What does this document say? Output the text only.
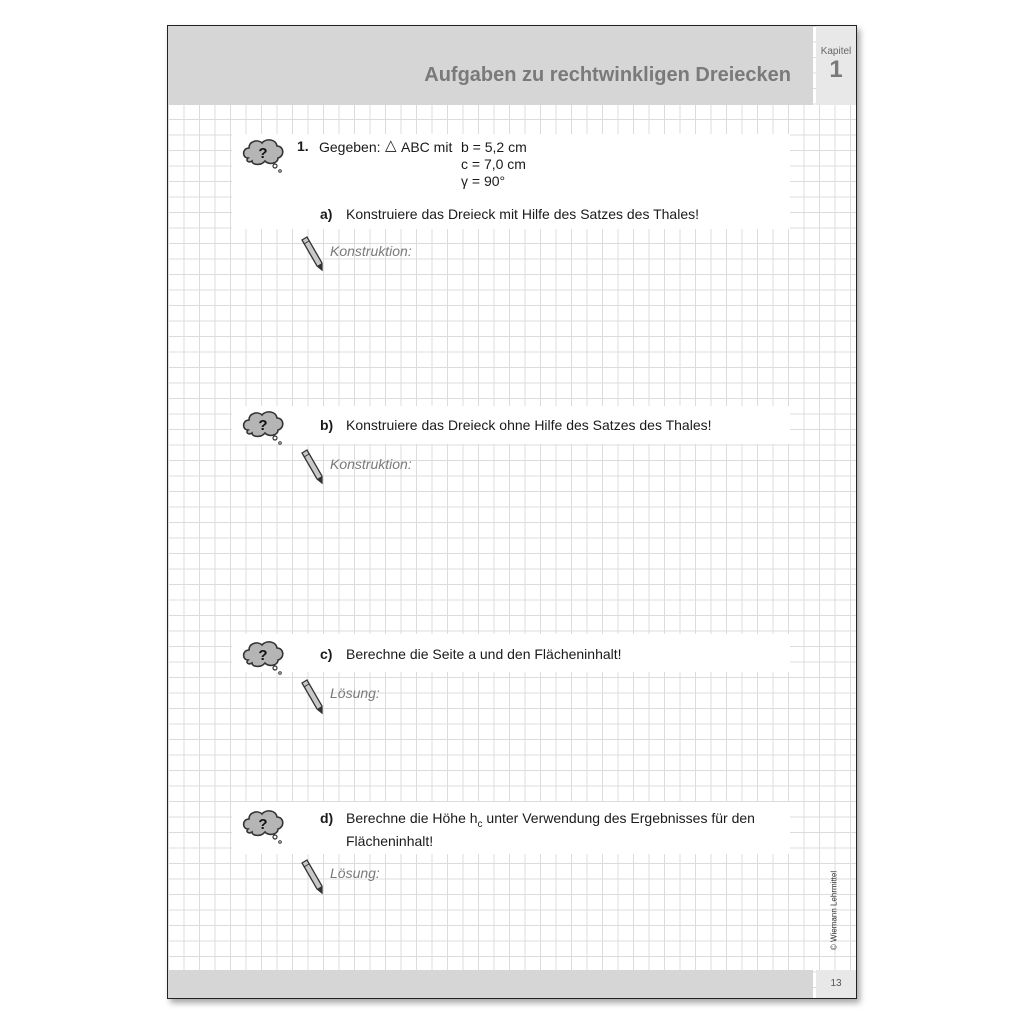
Aufgaben zu rechtwinkligen Dreiecken
Kapitel
1
? 1. Gegeben: △ ABC mit b = 5,2 cm
c = 7,0 cm
γ = 90°
a) Konstruiere das Dreieck mit Hilfe des Satzes des Thales!
Konstruktion:
?	b) Konstruiere das Dreieck ohne Hilfe des Satzes des Thales!
Konstruktion:
?	c) Berechne die Seite a und den Flächeninhalt!
Lösung:
?	d) Berechne die Höhe $h_c$ unter Verwendung des Ergebnisses für den
Flächeninhalt!
Lösung:	© Wiemann Lehrmittel
13
